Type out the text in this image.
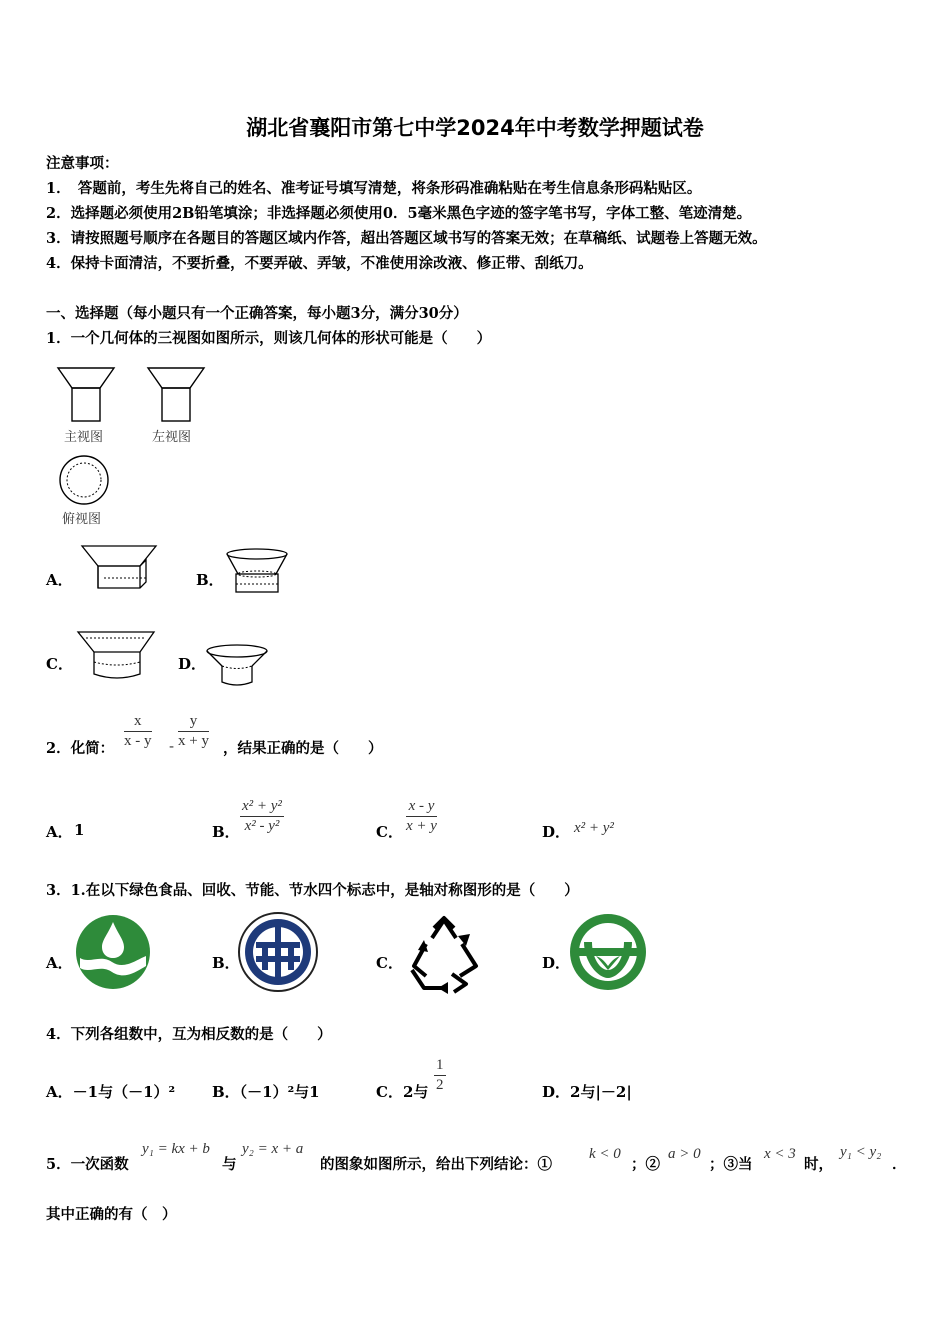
湖北省襄阳市第七中学2024年中考数学押题试卷
注意事项：
1．　答题前，考生先将自己的姓名、准考证号填写清楚，将条形码准确粘贴在考生信息条形码粘贴区。
2．选择题必须使用2B铅笔填涂；非选择题必须使用0．5毫米黑色字迹的签字笔书写，字体工整、笔迹清楚。
3．请按照题号顺序在各题目的答题区域内作答，超出答题区域书写的答案无效；在草稿纸、试题卷上答题无效。
4．保持卡面清洁，不要折叠，不要弄破、弄皱，不准使用涂改液、修正带、刮纸刀。
一、选择题（每小题只有一个正确答案，每小题3分，满分30分）
1．一个几何体的三视图如图所示，则该几何体的形状可能是（　　）
主视图	左视图
俯视图
A．	B．
C．	D．
2．化简： $\frac{x}{x - y} - \frac{y}{x + y}$ ，结果正确的是（　　）
A． 1	B． $\frac{\text{x² + y²}}{\text{x² - y²}}$	C． $\frac{x - y}{x + y}$	D． x² + y²
3．1.在以下绿色食品、回收、节能、节水四个标志中，是轴对称图形的是（　　）
A．	B．	C．	D．
4．下列各组数中，互为相反数的是（　　）
A．－1与（－1）² B．（－1）²与1	C．2与 $\frac{1}{2}$	D．2与|－2|
5．一次函数
y₁ = kx + b
与
y₂ = x + a
的图象如图所示，给出下列结论：①
k < 0
；②
a > 0
；③当
x < 3
时，
y₁ < y₂
．
其中正确的有（　）
